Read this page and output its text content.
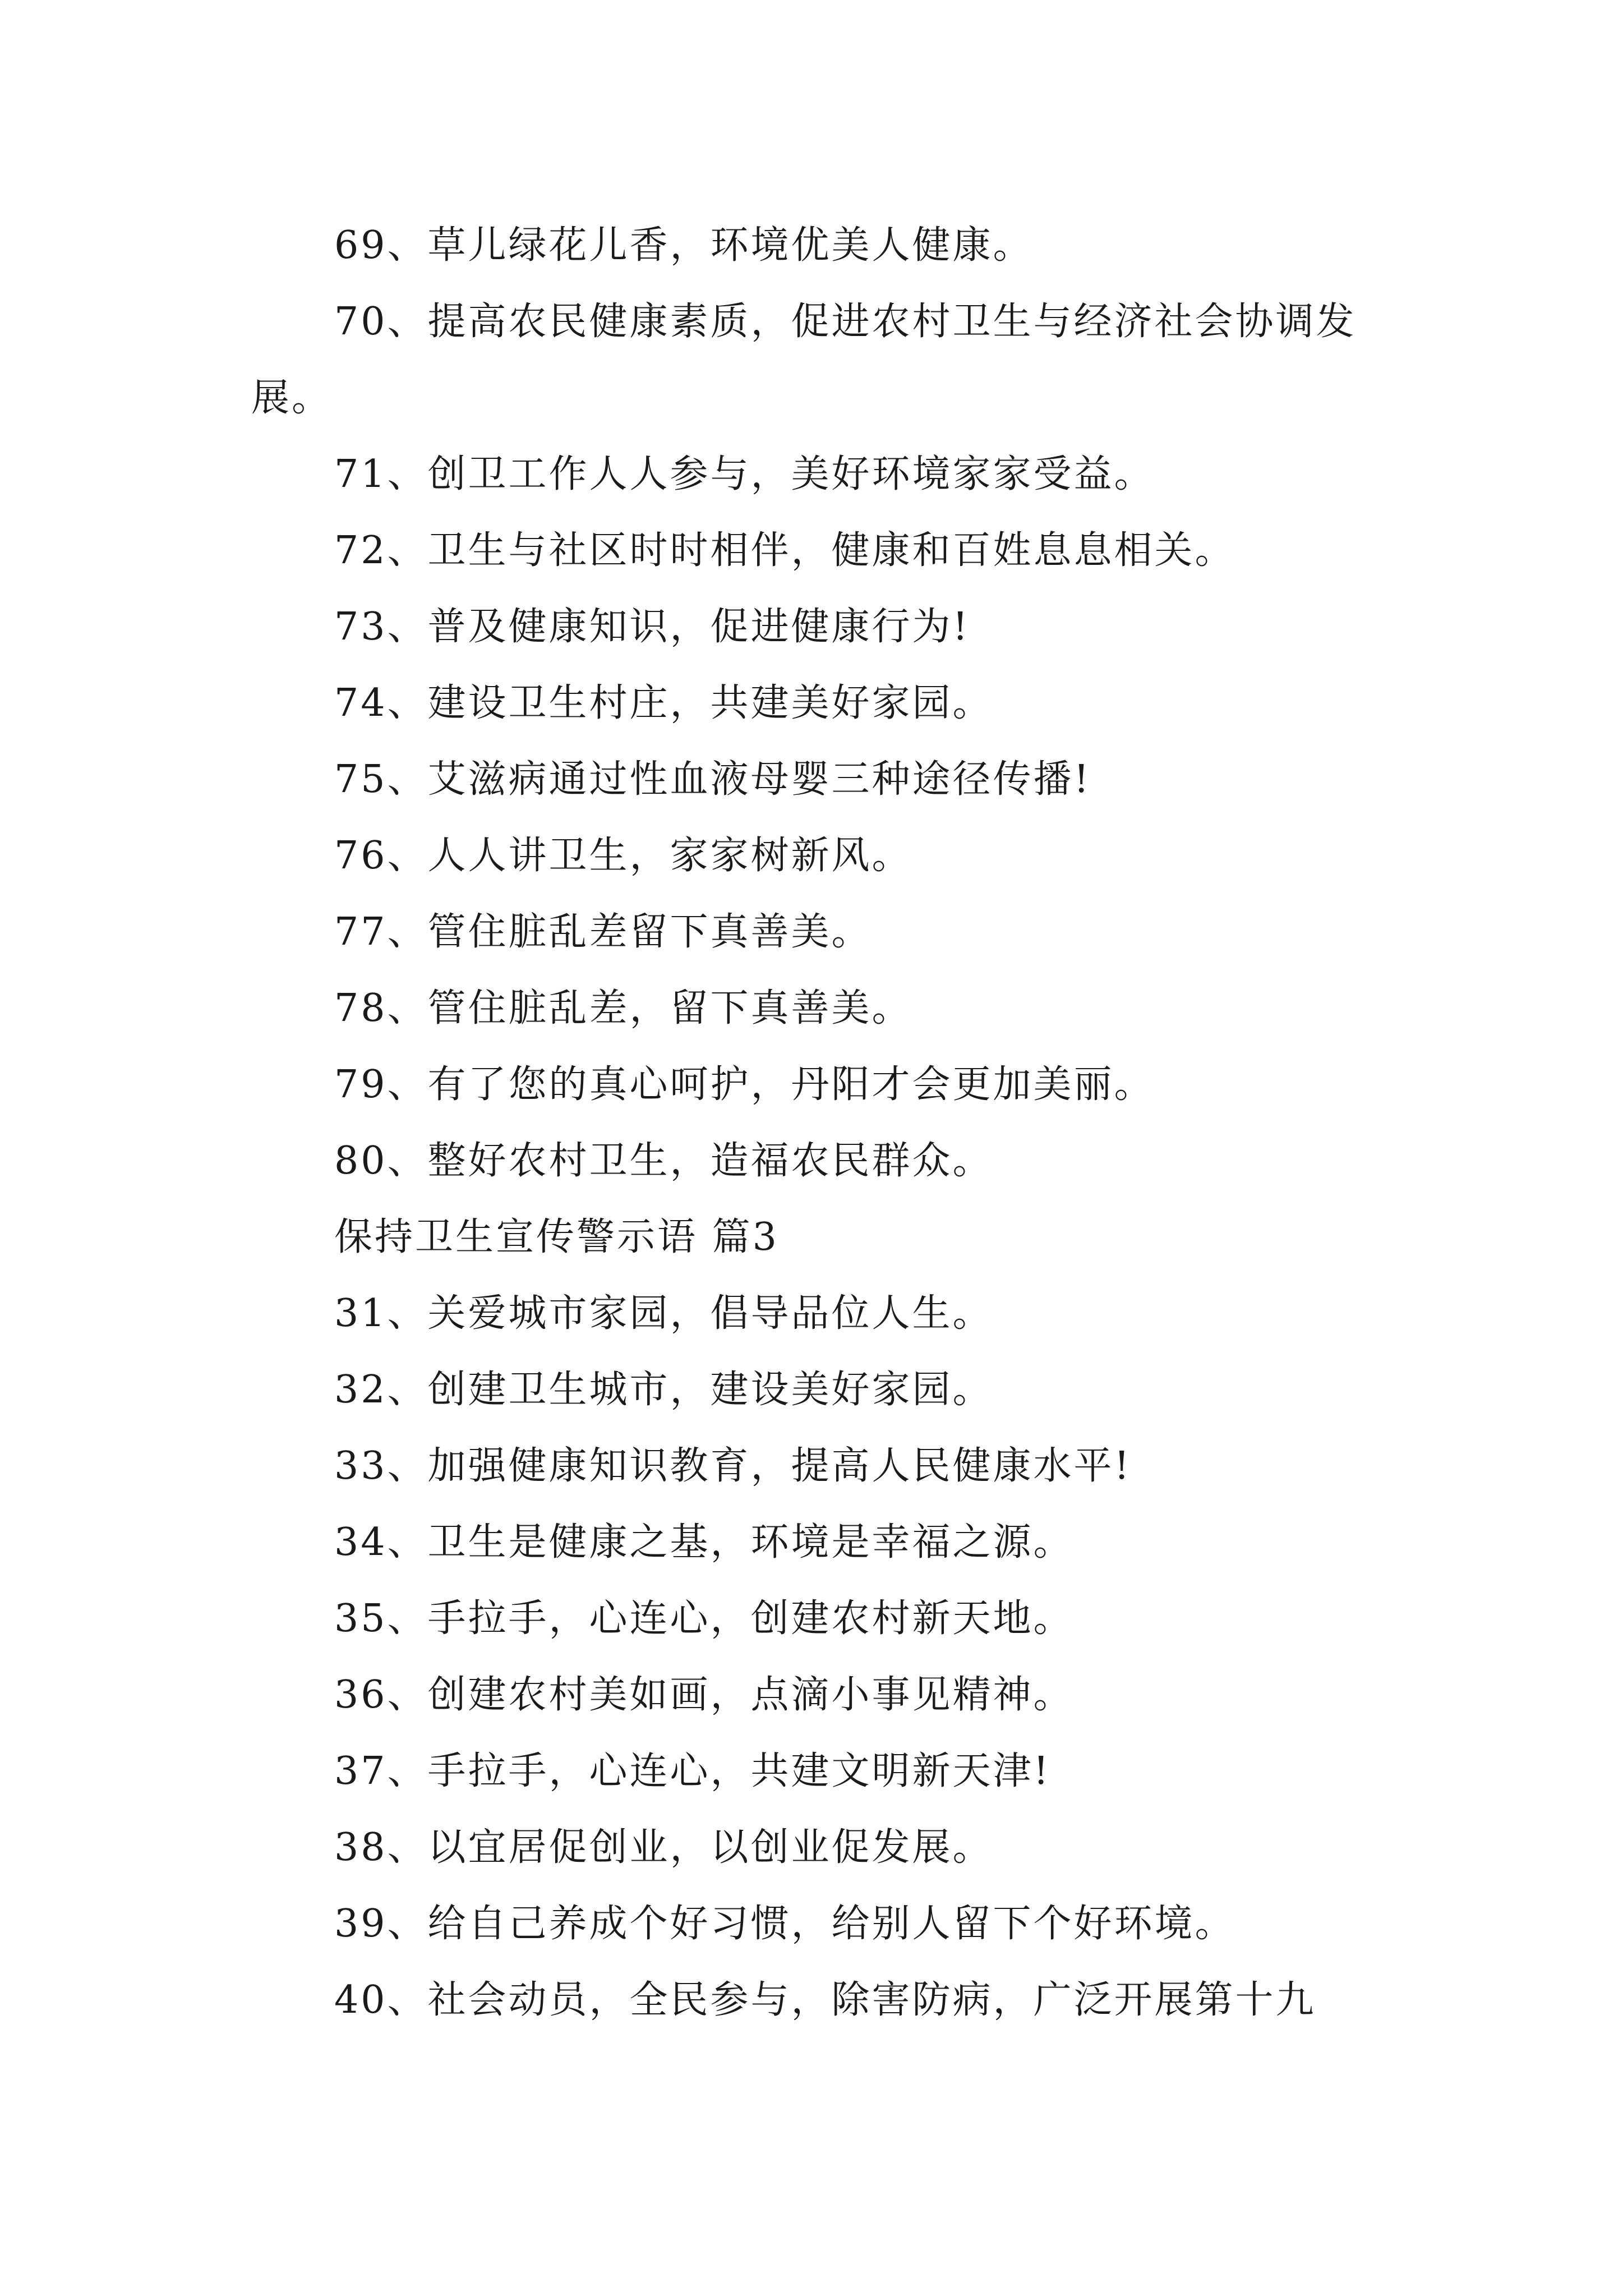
69、草儿绿花儿香，环境优美人健康。

70、提高农民健康素质，促进农村卫生与经济社会协调发展。

71、创卫工作人人参与，美好环境家家受益。

72、卫生与社区时时相伴，健康和百姓息息相关。

73、普及健康知识，促进健康行为!

74、建设卫生村庄，共建美好家园。

75、艾滋病通过性血液母婴三种途径传播!

76、人人讲卫生，家家树新风。

77、管住脏乱差留下真善美。

78、管住脏乱差，留下真善美。

79、有了您的真心呵护，丹阳才会更加美丽。

80、整好农村卫生，造福农民群众。

保持卫生宣传警示语 篇3

31、关爱城市家园，倡导品位人生。

32、创建卫生城市，建设美好家园。

33、加强健康知识教育，提高人民健康水平!

34、卫生是健康之基，环境是幸福之源。

35、手拉手，心连心，创建农村新天地。

36、创建农村美如画，点滴小事见精神。

37、手拉手，心连心，共建文明新天津!

38、以宜居促创业，以创业促发展。

39、给自己养成个好习惯，给别人留下个好环境。

40、社会动员，全民参与，除害防病，广泛开展第十九
